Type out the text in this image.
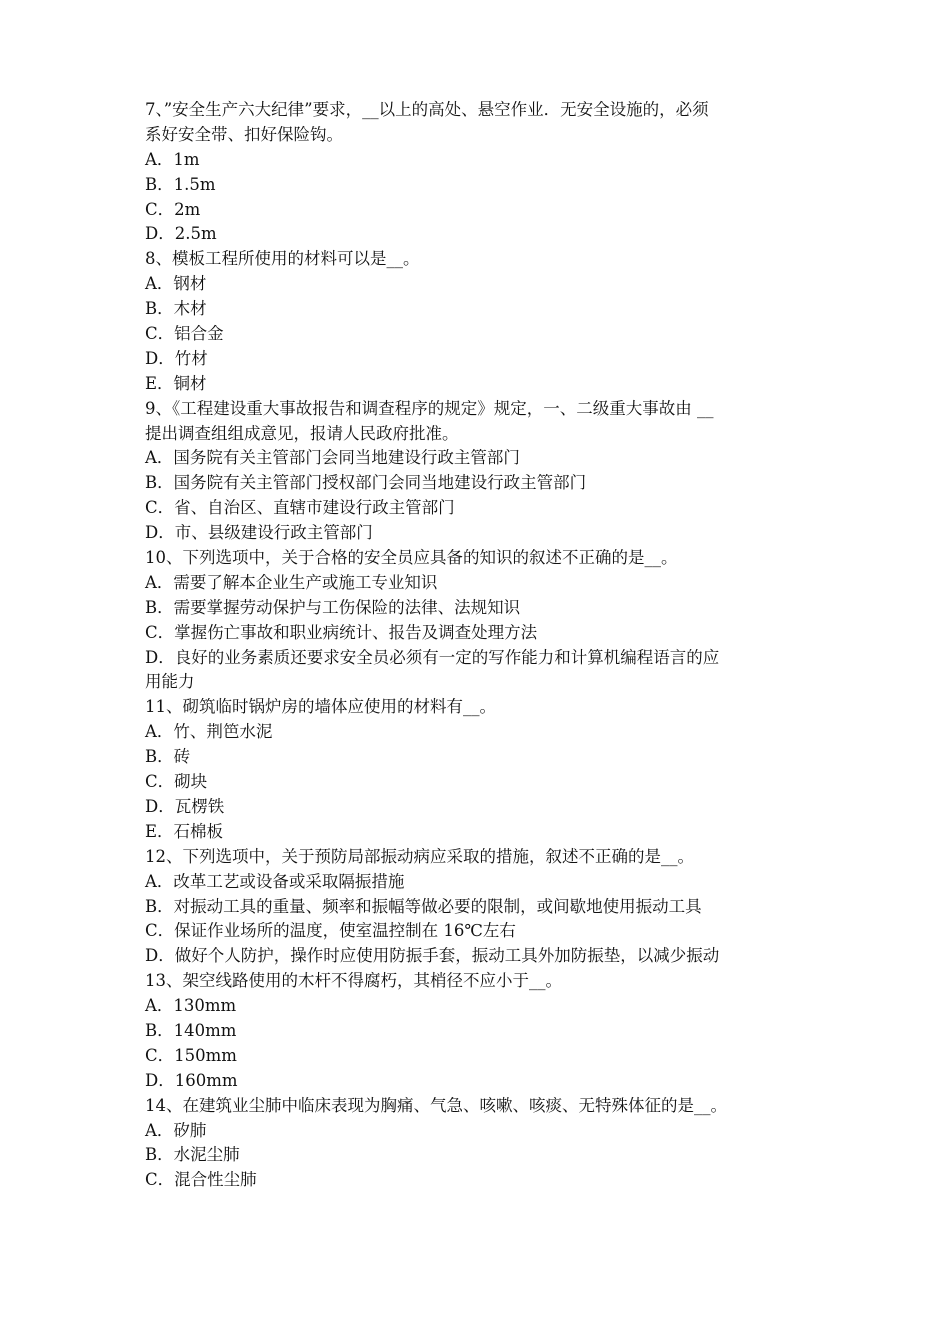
7、”安全生产六大纪律”要求，__以上的高处、悬空作业．无安全设施的，必须

系好安全带、扣好保险钩。

A．1m

B．1.5m

C．2m

D．2.5m

8、模板工程所使用的材料可以是__。

A．钢材

B．木材

C．铝合金

D．竹材

E．铜材

9、《工程建设重大事故报告和调查程序的规定》规定，一、二级重大事故由 __

提出调查组组成意见，报请人民政府批准。

A．国务院有关主管部门会同当地建设行政主管部门

B．国务院有关主管部门授权部门会同当地建设行政主管部门

C．省、自治区、直辖市建设行政主管部门

D．市、县级建设行政主管部门

10、下列选项中，关于合格的安全员应具备的知识的叙述不正确的是__。

A．需要了解本企业生产或施工专业知识

B．需要掌握劳动保护与工伤保险的法律、法规知识

C．掌握伤亡事故和职业病统计、报告及调查处理方法

D．良好的业务素质还要求安全员必须有一定的写作能力和计算机编程语言的应

用能力

11、砌筑临时锅炉房的墙体应使用的材料有__。

A．竹、荆笆水泥

B．砖

C．砌块

D．瓦楞铁

E．石棉板

12、下列选项中，关于预防局部振动病应采取的措施，叙述不正确的是__。

A．改革工艺或设备或采取隔振措施

B．对振动工具的重量、频率和振幅等做必要的限制，或间歇地使用振动工具

C．保证作业场所的温度，使室温控制在 16℃左右

D．做好个人防护，操作时应使用防振手套，振动工具外加防振垫，以减少振动

13、架空线路使用的木杆不得腐朽，其梢径不应小于__。

A．130mm

B．140mm

C．150mm

D．160mm

14、在建筑业尘肺中临床表现为胸痛、气急、咳嗽、咳痰、无特殊体征的是__。

A．矽肺

B．水泥尘肺

C．混合性尘肺
